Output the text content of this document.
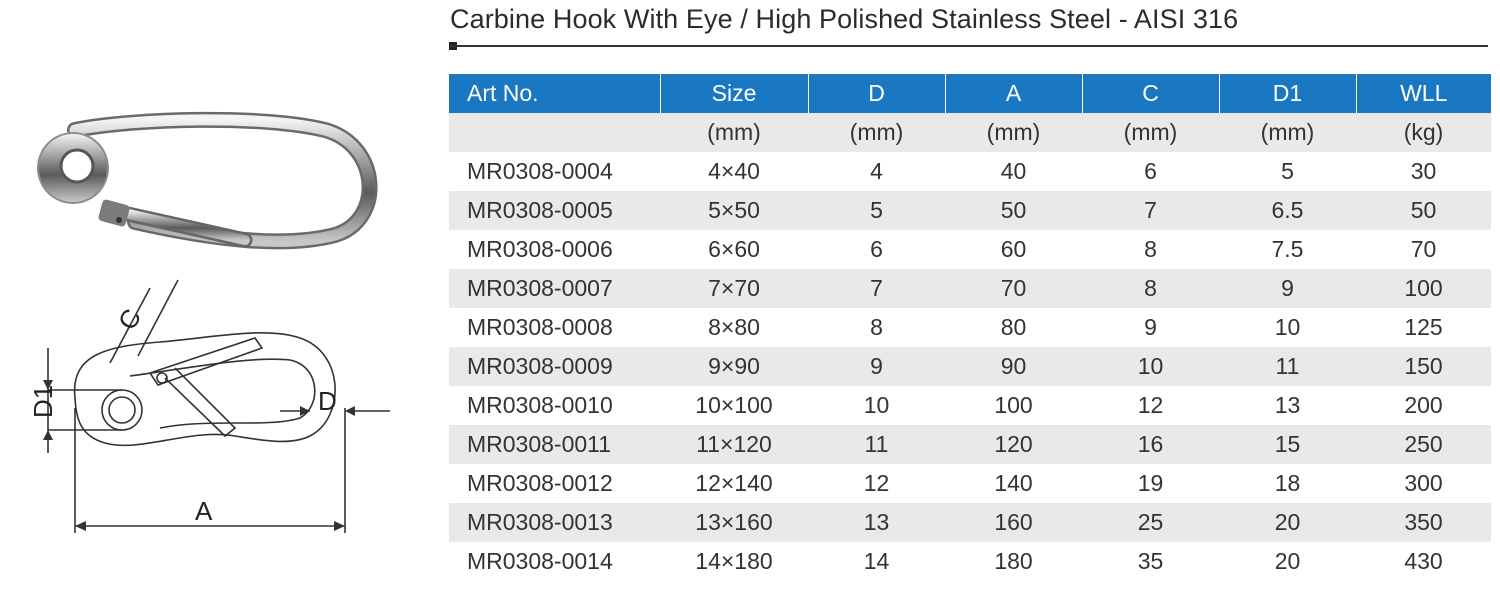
C
D1	D
A
Carbine Hook With Eye / High Polished Stainless Steel - AISI 316
Art No.	Size	D	A	C	D1	WLL
	(mm)	(mm)	(mm)	(mm)	(mm)	(kg)
MR0308-0004	4×40	4	40	6	5	30
MR0308-0005	5×50	5	50	7	6.5	50
MR0308-0006	6×60	6	60	8	7.5	70
MR0308-0007	7×70	7	70	8	9	100
MR0308-0008	8×80	8	80	9	10	125
MR0308-0009	9×90	9	90	10	11	150
MR0308-0010	10×100	10	100	12	13	200
MR0308-0011	11×120	11	120	16	15	250
MR0308-0012	12×140	12	140	19	18	300
MR0308-0013	13×160	13	160	25	20	350
MR0308-0014	14×180	14	180	35	20	430
